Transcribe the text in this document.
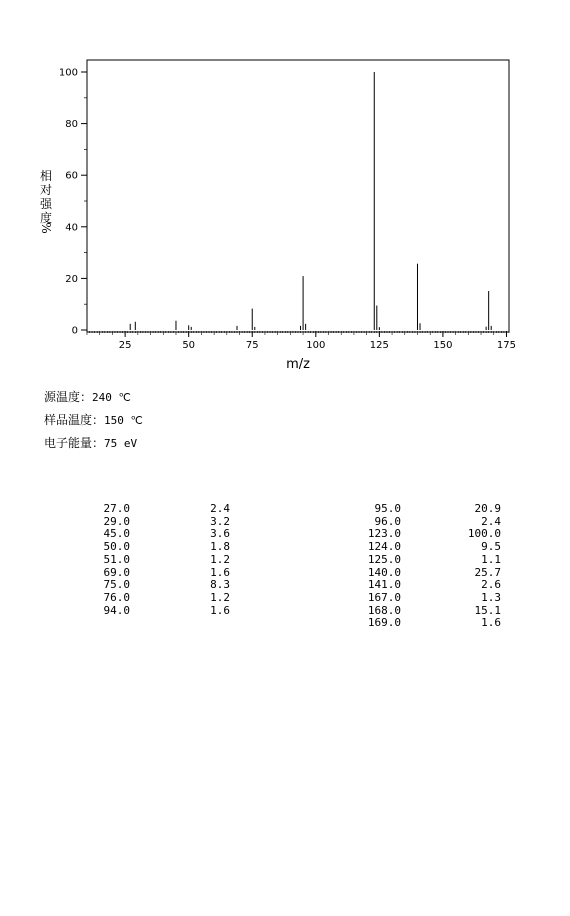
0
20
40
60
80
100
25	50	75	100	125	150	175
m/z
相
对
强
度
%
源温度：240 ℃
样品温度：150 ℃
电子能量：75 eV
27.0	2.4
29.0	3.2
45.0	3.6
50.0	1.8
51.0	1.2
69.0	1.6
75.0	8.3
76.0	1.2
94.0	1.6
95.0	20.9
96.0	2.4
123.0	100.0
124.0	9.5
125.0	1.1
140.0	25.7
141.0	2.6
167.0	1.3
168.0	15.1
169.0	1.6
